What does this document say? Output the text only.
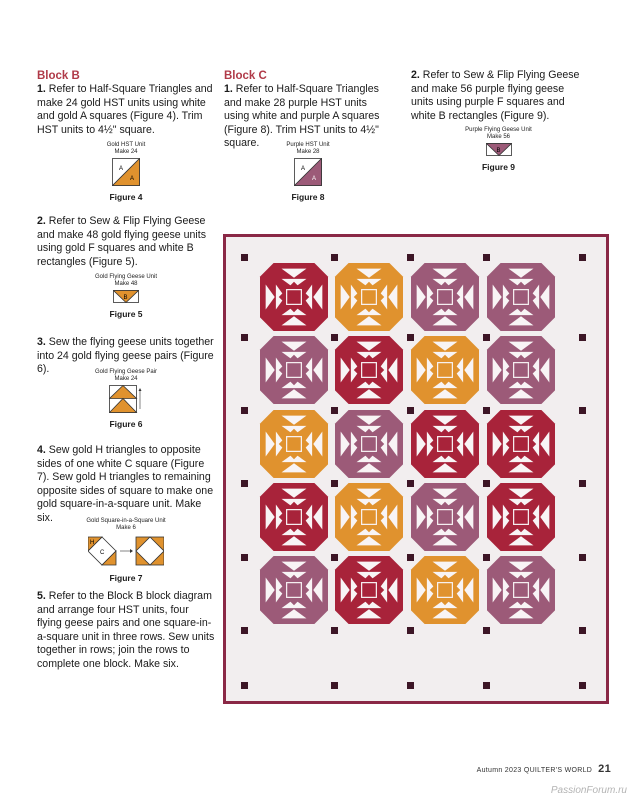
Block B

1. Refer to Half-Square Triangles and make 24 gold HST units using white and gold A squares (Figure 4). Trim HST units to 4½" square.

Gold HST Unit
Make 24
A
A
Figure 4

2. Refer to Sew & Flip Flying Geese and make 48 gold flying geese units using gold F squares and white B rectangles (Figure 5).

Gold Flying Geese Unit
Make 48
B
Figure 5

3. Sew the flying geese units together into 24 gold flying geese pairs (Figure 6).	Gold Flying Geese Pair
Make 24
Figure 6

4. Sew gold H triangles to opposite sides of one white C square (Figure 7). Sew gold H triangles to remaining opposite sides of square to make one gold square-in-a-square unit. Make six.	Gold Square-in-a-Square Unit
Make 6
H
C
Figure 7

5. Refer to the Block B block diagram and arrange four HST units, four flying geese pairs and one square-in-a-square unit in three rows. Sew units together in rows; join the rows to complete one block. Make six.

Block C

1. Refer to Half-Square Triangles and make 28 purple HST units using white and purple A squares (Figure 8). Trim HST units to 4½" square.	Purple HST Unit
Make 28
A
A
Figure 8

2. Refer to Sew & Flip Flying Geese and make 56 purple flying geese units using purple F squares and white B rectangles (Figure 9).

Purple Flying Geese Unit
Make 56
B
Figure 9
Autumn 2023 QUILTER'S WORLD 21
PassionForum.ru
